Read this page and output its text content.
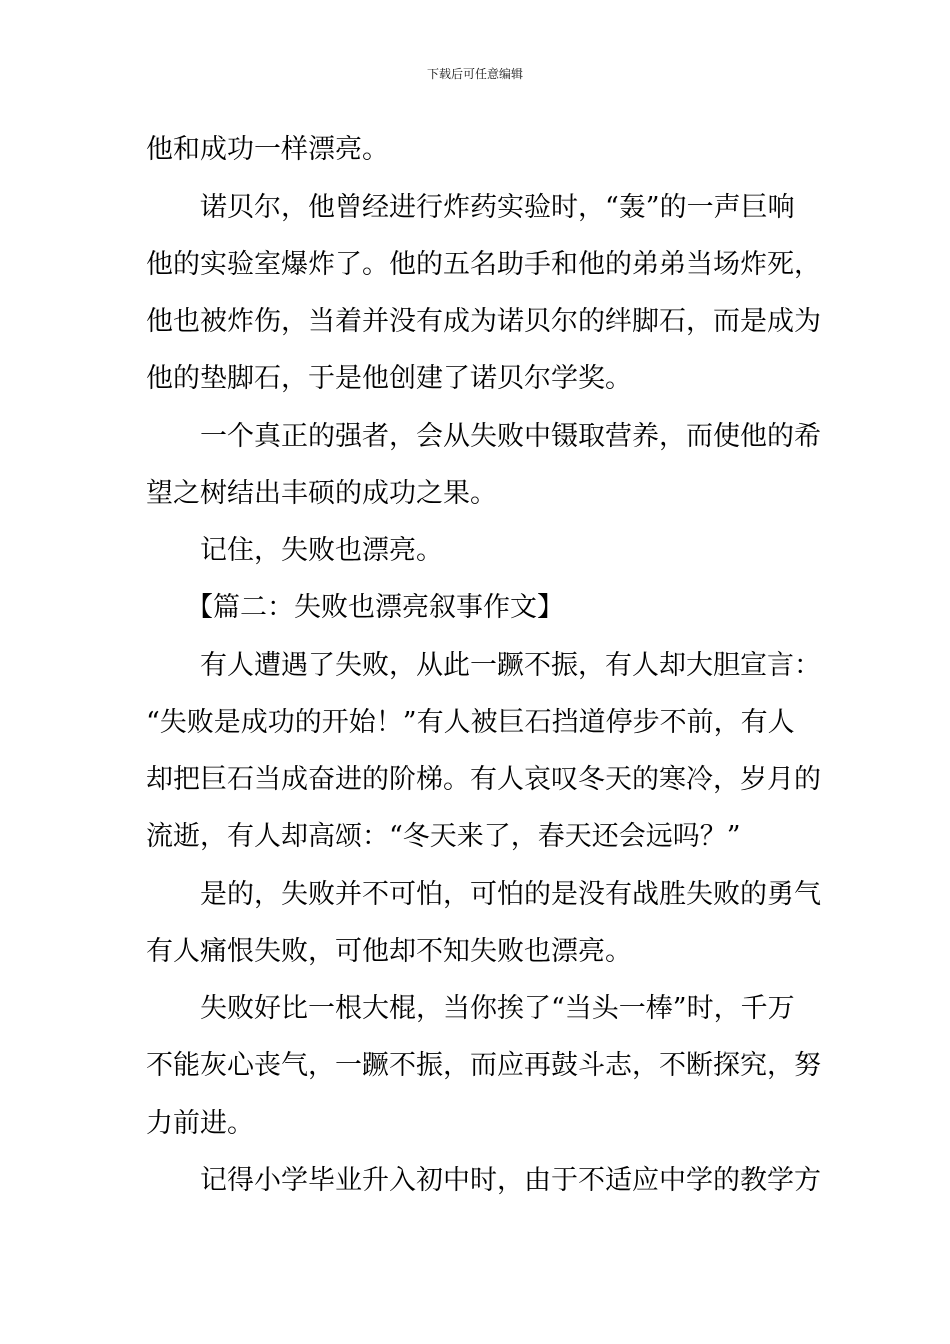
下载后可任意编辑
他和成功一样漂亮。
诺贝尔，他曾经进行炸药实验时，“轰”的一声巨响
他的实验室爆炸了。他的五名助手和他的弟弟当场炸死，
他也被炸伤，当着并没有成为诺贝尔的绊脚石，而是成为
他的垫脚石，于是他创建了诺贝尔学奖。
一个真正的强者，会从失败中镊取营养，而使他的希
望之树结出丰硕的成功之果。
记住，失败也漂亮。
【篇二：失败也漂亮叙事作文】
有人遭遇了失败，从此一蹶不振，有人却大胆宣言：
“失败是成功的开始！”有人被巨石挡道停步不前，有人
却把巨石当成奋进的阶梯。有人哀叹冬天的寒冷，岁月的
流逝，有人却高颂：“冬天来了，春天还会远吗？”
是的，失败并不可怕，可怕的是没有战胜失败的勇气
有人痛恨失败，可他却不知失败也漂亮。
失败好比一根大棍，当你挨了“当头一棒”时，千万
不能灰心丧气，一蹶不振，而应再鼓斗志，不断探究，努
力前进。
记得小学毕业升入初中时，由于不适应中学的教学方
